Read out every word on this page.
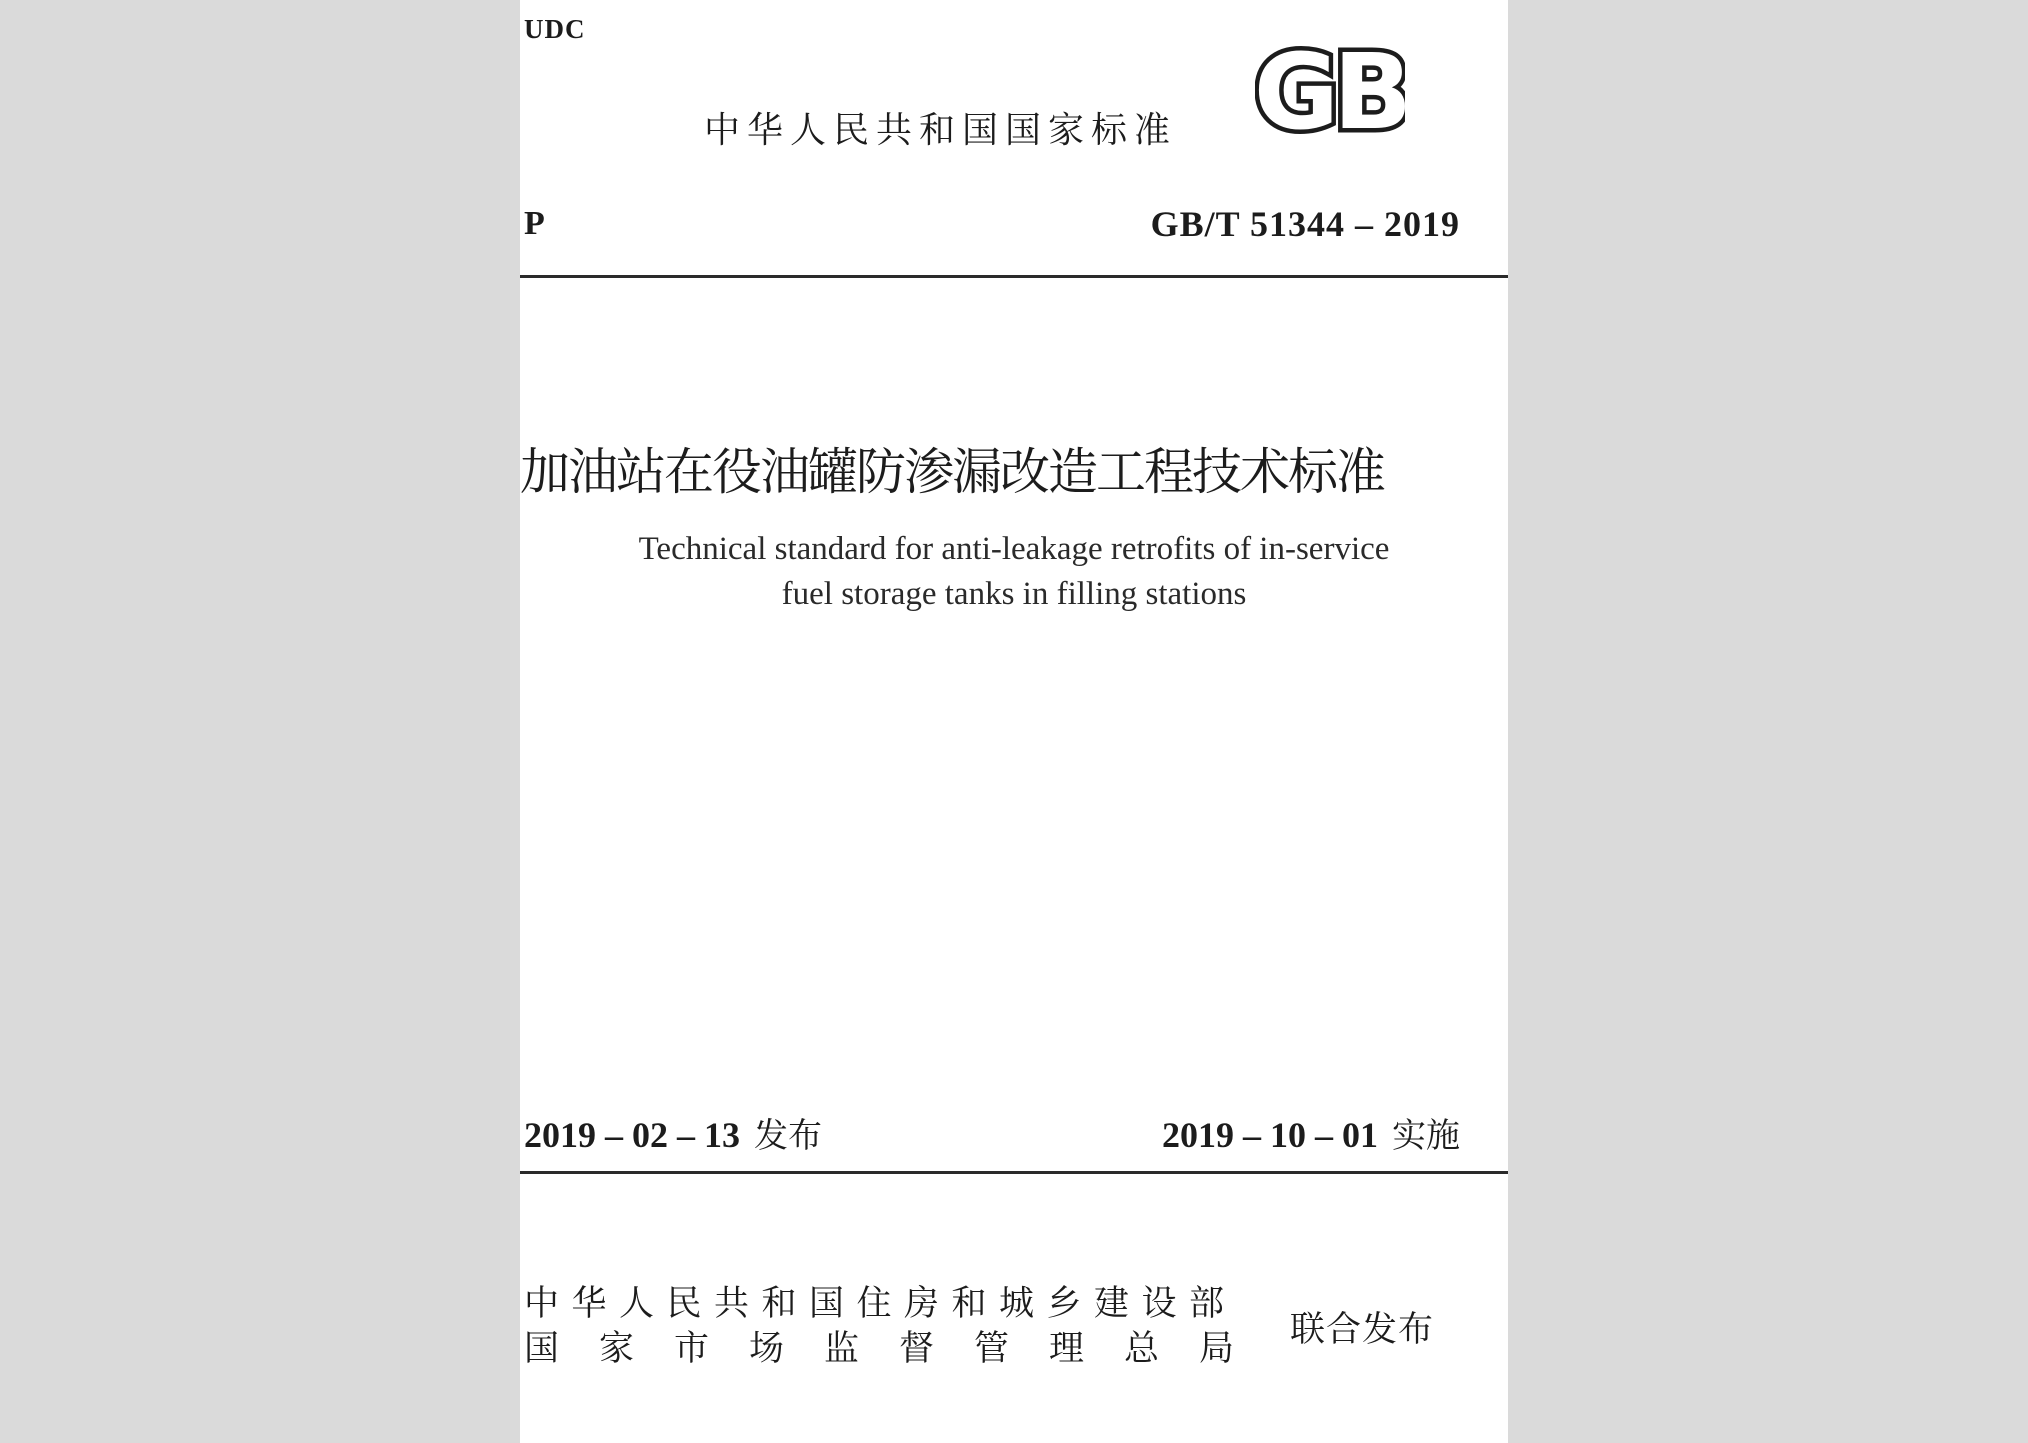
UDC
中华人民共和国国家标准 GB
P	GB/T 51344 – 2019
加油站在役油罐防渗漏改造工程技术标准
Technical standard for anti-leakage retrofits of in-service
fuel storage tanks in filling stations
2019 – 02 – 13 发布	2019 – 10 – 01 实施
中华人民共和国住房和城乡建设部
国家市场监督管理总局 联合发布
